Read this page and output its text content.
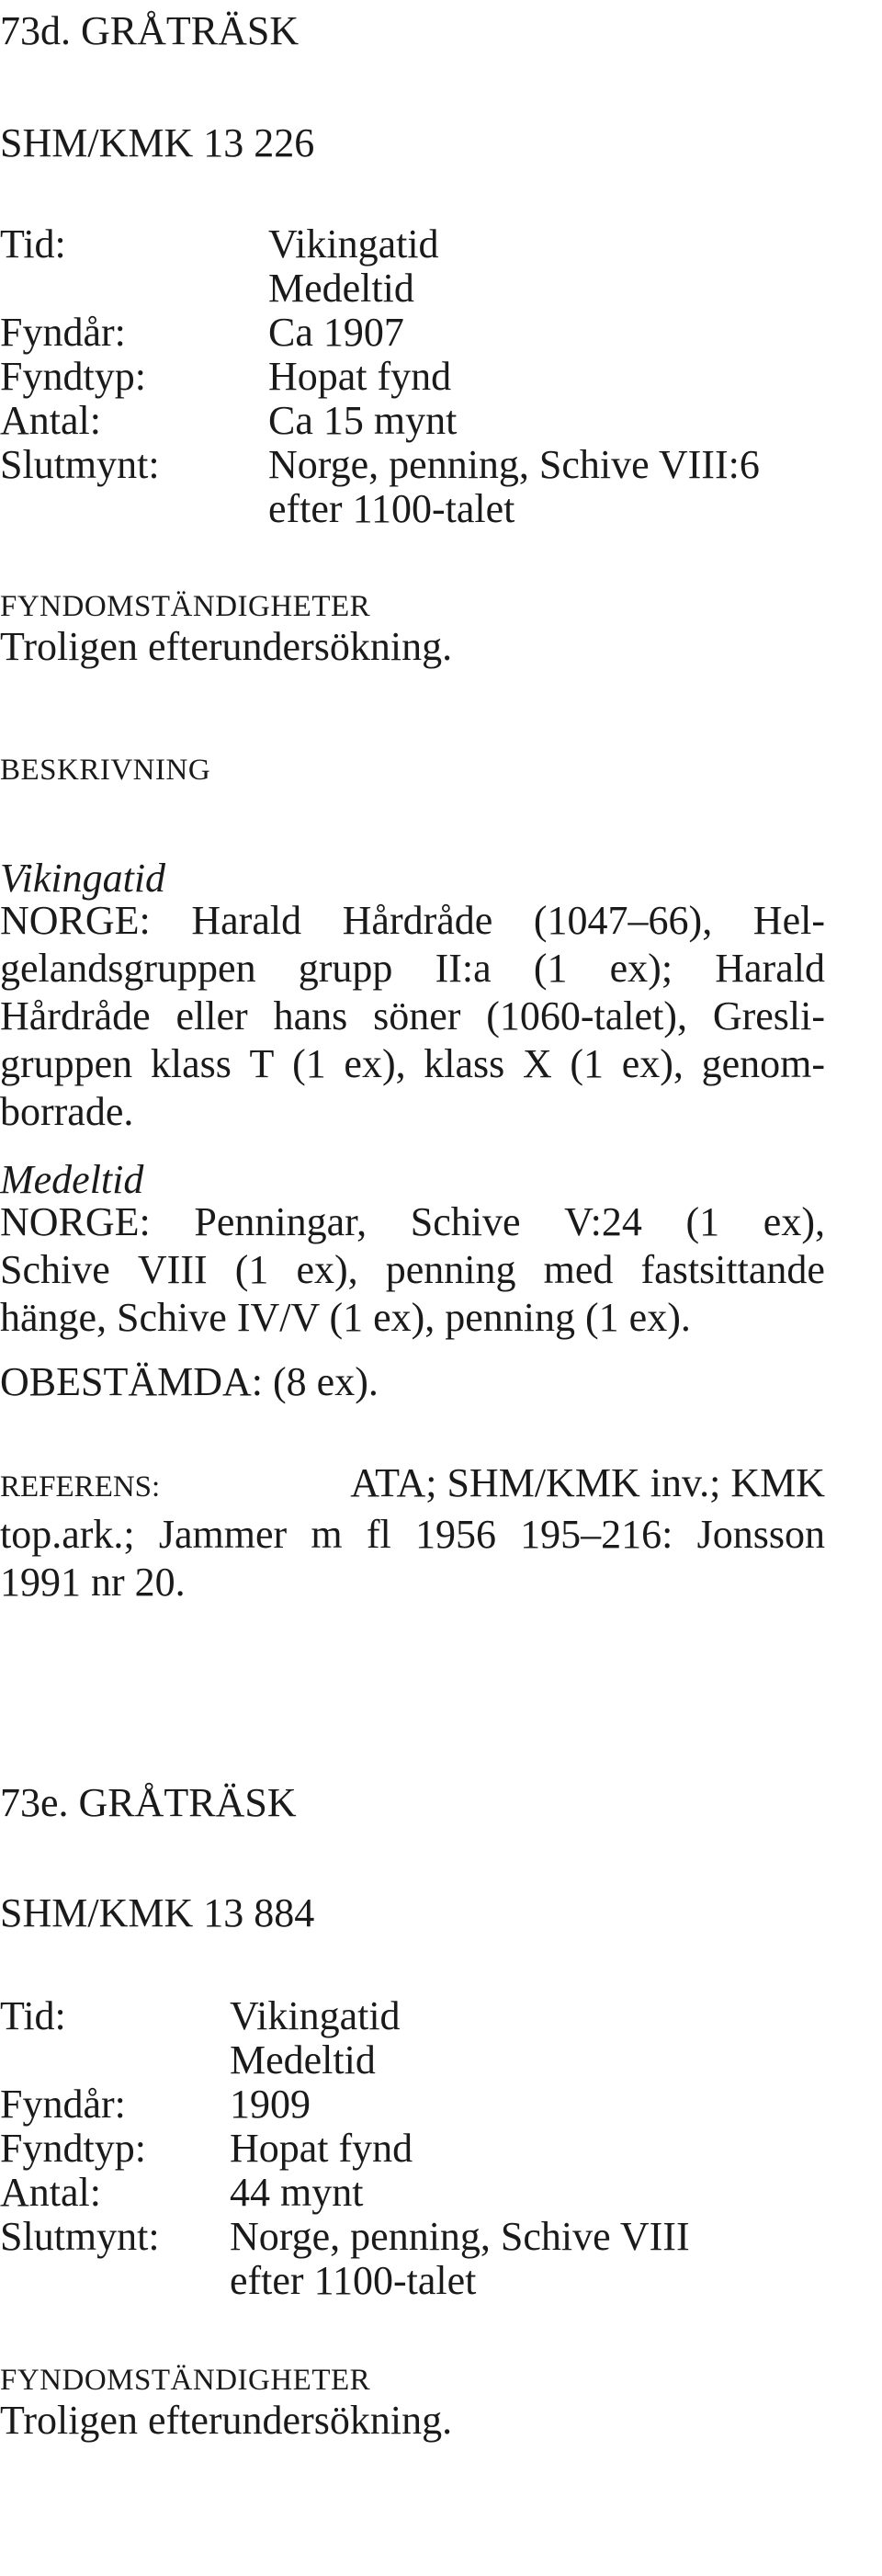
73d. GRÅTRÄSK
SHM/KMK 13 226
Tid:	Vikingatid
Medeltid
Fyndår:	Ca 1907
Fyndtyp:	Hopat fynd
Antal:	Ca 15 mynt
Slutmynt:	Norge, penning, Schive VIII:6
efter 1100-talet
FYNDOMSTÄNDIGHETER
Troligen efterundersökning.
BESKRIVNING
Vikingatid
NORGE: Harald Hårdråde (1047–66), Hel-
gelandsgruppen grupp II:a (1 ex); Harald
Hårdråde eller hans söner (1060-talet), Gresli-
gruppen klass T (1 ex), klass X (1 ex), genom-
borrade.
Medeltid
NORGE: Penningar, Schive V:24 (1 ex),
Schive VIII (1 ex), penning med fastsittande
hänge, Schive IV/V (1 ex), penning (1 ex).
OBESTÄMDA: (8 ex).
REFERENS:	ATA; SHM/KMK inv.; KMK
top.ark.; Jammer m fl 1956 195–216: Jonsson
1991 nr 20.
73e. GRÅTRÄSK
SHM/KMK 13 884
Tid:	Vikingatid
Medeltid
Fyndår:	1909
Fyndtyp: Hopat fynd
Antal:	44 mynt
Slutmynt: Norge, penning, Schive VIII
efter 1100-talet
FYNDOMSTÄNDIGHETER
Troligen efterundersökning.
